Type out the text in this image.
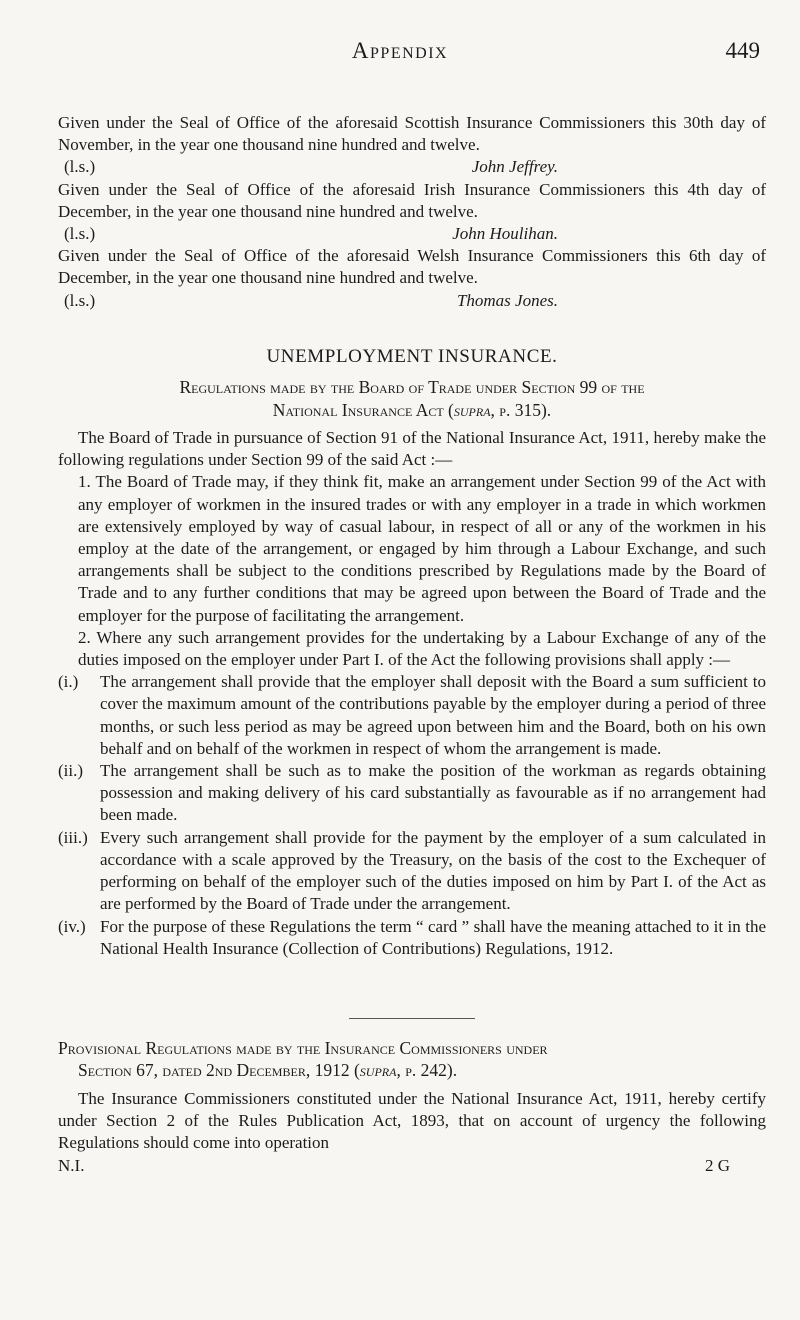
Appendix	449

Given under the Seal of Office of the aforesaid Scottish Insurance Commissioners this 30th day of November, in the year one thousand nine hundred and twelve.

(l.s.)	John Jeffrey.

Given under the Seal of Office of the aforesaid Irish Insurance Commissioners this 4th day of December, in the year one thousand nine hundred and twelve.

(l.s.)	John Houlihan.

Given under the Seal of Office of the aforesaid Welsh Insurance Commissioners this 6th day of December, in the year one thousand nine hundred and twelve.

(l.s.)	Thomas Jones.

UNEMPLOYMENT INSURANCE.

Regulations made by the Board of Trade under Section 99 of the

National Insurance Act (supra, p. 315).

The Board of Trade in pursuance of Section 91 of the National Insurance Act, 1911, hereby make the following regulations under Section 99 of the said Act :—

1. The Board of Trade may, if they think fit, make an arrangement under Section 99 of the Act with any employer of workmen in the insured trades or with any employer in a trade in which workmen are extensively employed by way of casual labour, in respect of all or any of the workmen in his employ at the date of the arrangement, or engaged by him through a Labour Exchange, and such arrangements shall be subject to the conditions prescribed by Regulations made by the Board of Trade and to any further conditions that may be agreed upon between the Board of Trade and the employer for the purpose of facilitating the arrangement.

2. Where any such arrangement provides for the undertaking by a Labour Exchange of any of the duties imposed on the employer under Part I. of the Act the following provisions shall apply :—

(i.)	The arrangement shall provide that the employer shall deposit with the Board a sum sufficient to cover the maximum amount of the contributions payable by the employer during a period of three months, or such less period as may be agreed upon between him and the Board, both on his own behalf and on behalf of the workmen in respect of whom the arrangement is made.
(ii.) The arrangement shall be such as to make the position of the workman as regards obtaining possession and making delivery of his card substantially as favourable as if no arrangement had been made.
(iii.) Every such arrangement shall provide for the payment by the employer of a sum calculated in accordance with a scale approved by the Treasury, on the basis of the cost to the Exchequer of performing on behalf of the employer such of the duties imposed on him by Part I. of the Act as are performed by the Board of Trade under the arrangement.
(iv.) For the purpose of these Regulations the term “ card ” shall have the meaning attached to it in the National Health Insurance (Collection of Contributions) Regulations, 1912.

Provisional Regulations made by the Insurance Commissioners under

Section 67, dated 2nd December, 1912 (supra, p. 242).

The Insurance Commissioners constituted under the National Insurance Act, 1911, hereby certify under Section 2 of the Rules Publication Act, 1893, that on account of urgency the following Regulations should come into operation

N.I.	2 G
